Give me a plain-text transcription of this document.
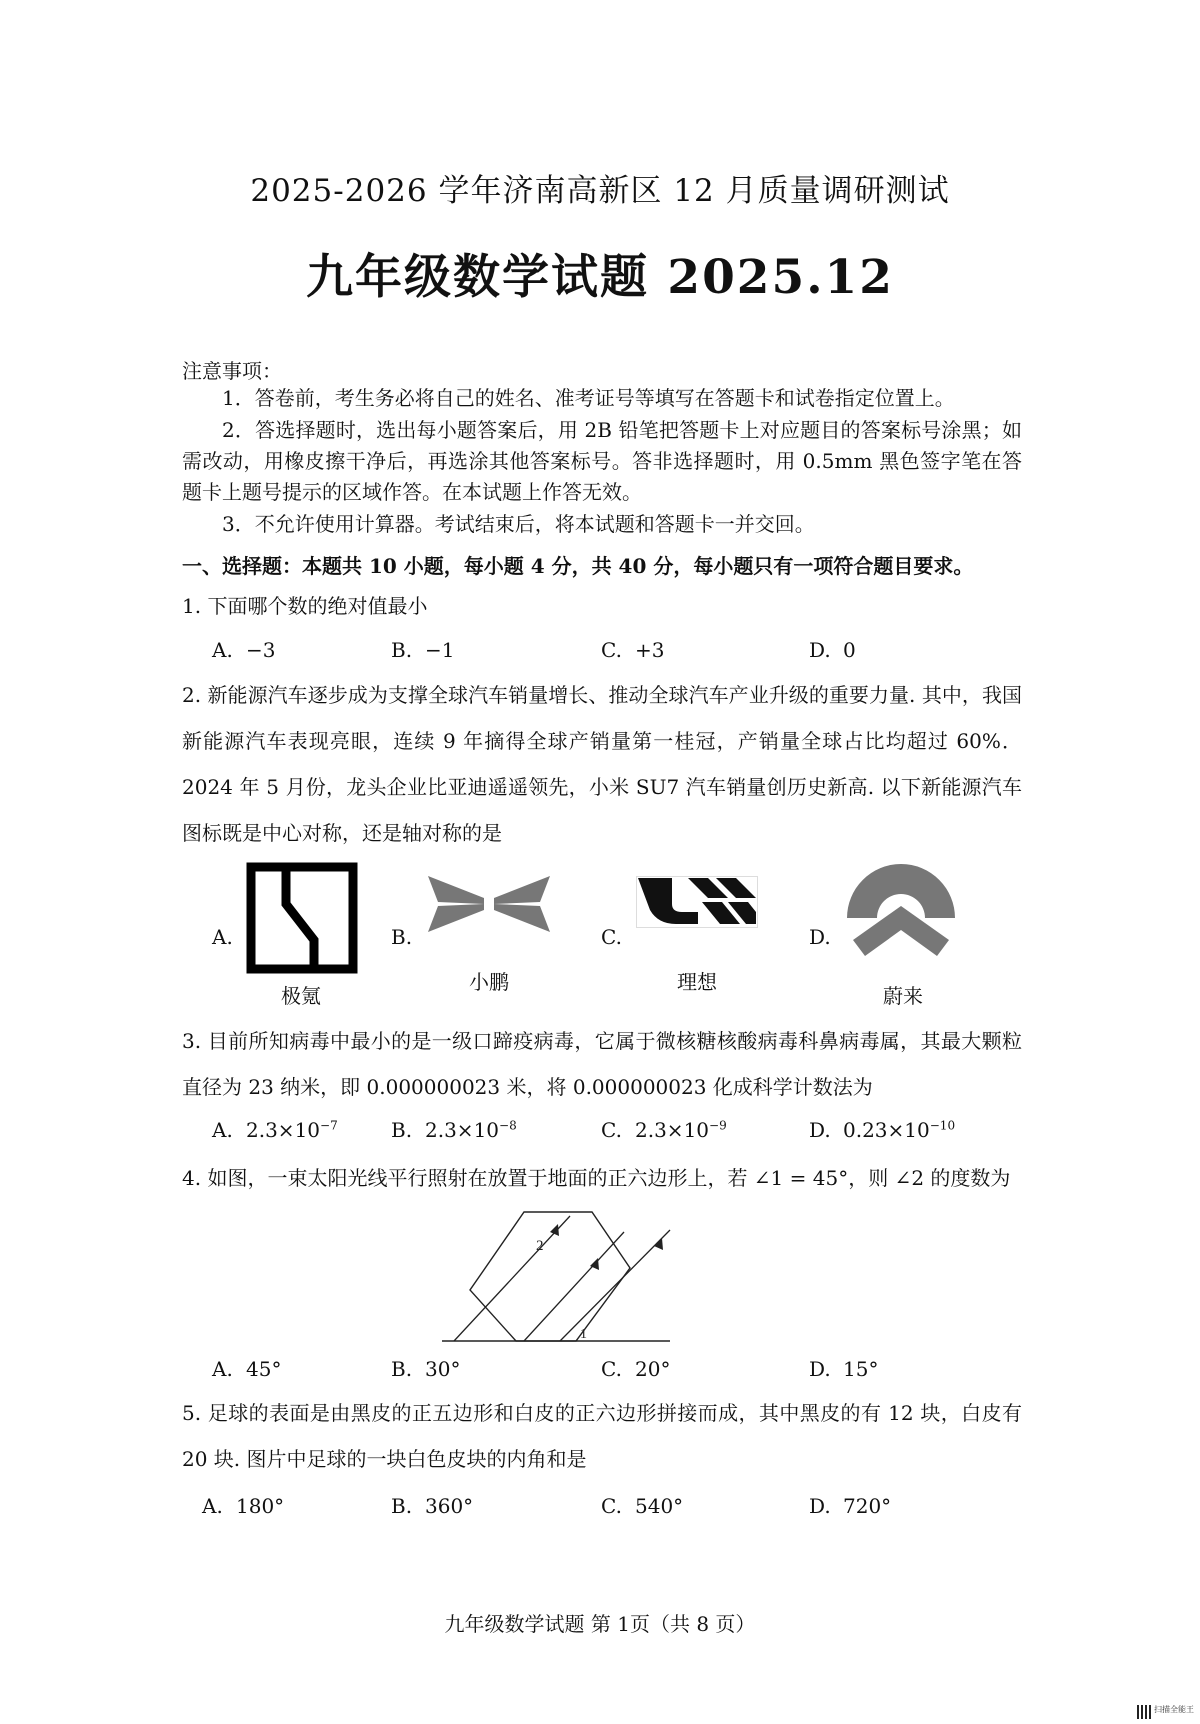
2025-2026 学年济南高新区 12 月质量调研测试
九年级数学试题 2025.12
注意事项：
1．答卷前，考生务必将自己的姓名、准考证号等填写在答题卡和试卷指定位置上。
2．答选择题时，选出每小题答案后，用 2B 铅笔把答题卡上对应题目的答案标号涂黑；如需改动，用橡皮擦干净后，再选涂其他答案标号。答非选择题时，用 0.5mm 黑色签字笔在答题卡上题号提示的区域作答。在本试题上作答无效。
3．不允许使用计算器。考试结束后，将本试题和答题卡一并交回。
一、选择题：本题共 10 小题，每小题 4 分，共 40 分，每小题只有一项符合题目要求。
1. 下面哪个数的绝对值最小
A. −3	B. −1	C. +3	D. 0
2. 新能源汽车逐步成为支撑全球汽车销量增长、推动全球汽车产业升级的重要力量. 其中，我国新能源汽车表现亮眼，连续 9 年摘得全球产销量第一桂冠，产销量全球占比均超过 60%． 2024 年 5 月份，龙头企业比亚迪遥遥领先，小米 SU7 汽车销量创历史新高. 以下新能源汽车图标既是中心对称，还是轴对称的是
A.
极氪
B.
小鹏
C.
理想
D.
蔚来
3. 目前所知病毒中最小的是一级口蹄疫病毒，它属于微核糖核酸病毒科鼻病毒属，其最大颗粒直径为 23 纳米，即 0.000000023 米，将 0.000000023 化成科学计数法为
A. $2.3\times 10^{-7}$	B. $2.3\times 10^{-8}$	C. $2.3\times 10^{-9}$	D. $0.23\times 10^{-10}$
4. 如图，一束太阳光线平行照射在放置于地面的正六边形上，若 ∠1 = 45°，则 ∠2 的度数为
2
1
A. 45°	B. 30°	C. 20°	D. 15°
5. 足球的表面是由黑皮的正五边形和白皮的正六边形拼接而成，其中黑皮的有 12 块，白皮有 20 块. 图片中足球的一块白色皮块的内角和是
A. 180°	B. 360°	C. 540°	D. 720°
九年级数学试题 第 1页（共 8 页）
扫描全能王
